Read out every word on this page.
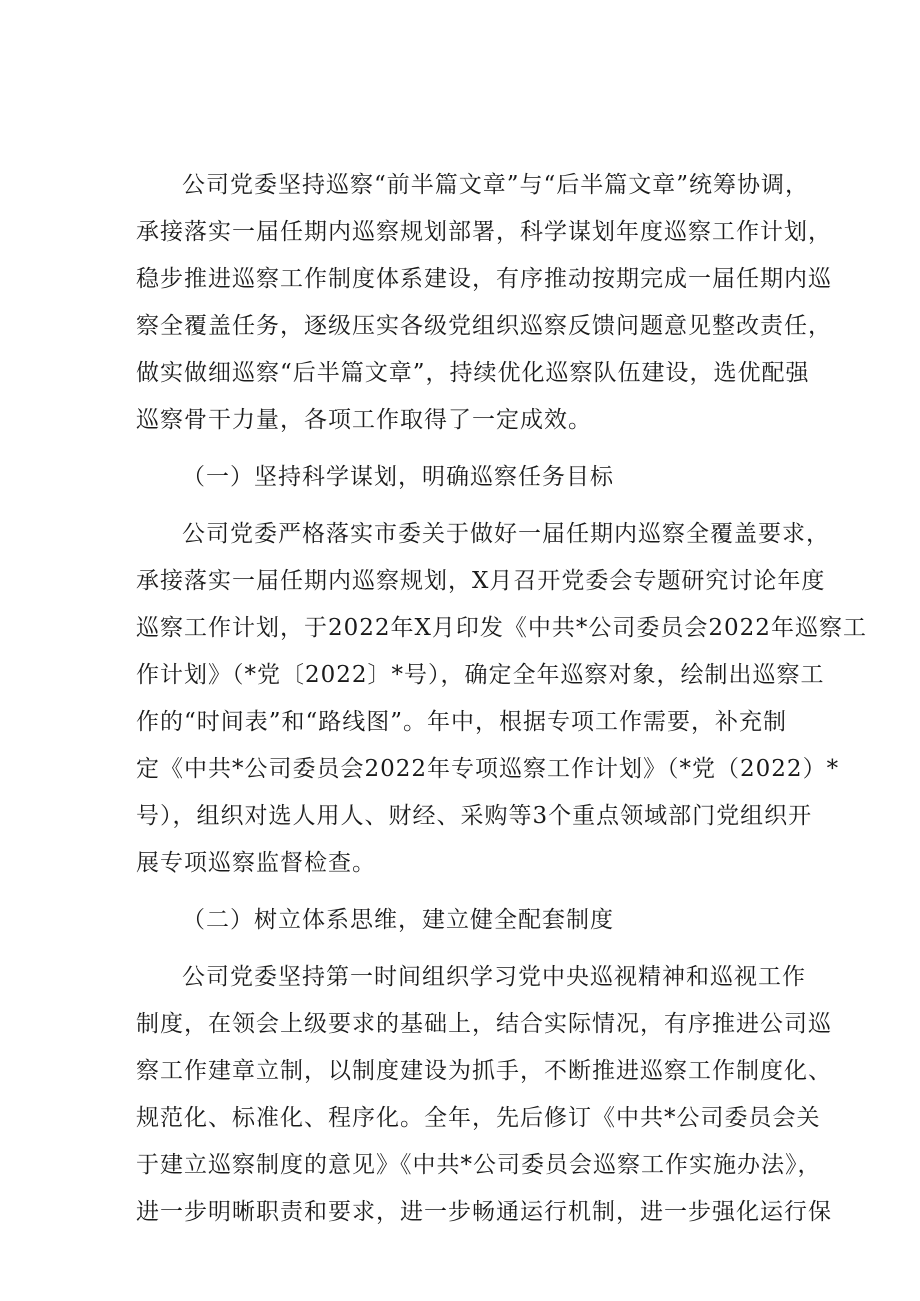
公司党委坚持巡察“前半篇文章”与“后半篇文章”统筹协调，
承接落实一届任期内巡察规划部署，科学谋划年度巡察工作计划，
稳步推进巡察工作制度体系建设，有序推动按期完成一届任期内巡
察全覆盖任务，逐级压实各级党组织巡察反馈问题意见整改责任，
做实做细巡察“后半篇文章”，持续优化巡察队伍建设，选优配强
巡察骨干力量，各项工作取得了一定成效。
（一）坚持科学谋划，明确巡察任务目标
公司党委严格落实市委关于做好一届任期内巡察全覆盖要求，
承接落实一届任期内巡察规划，X月召开党委会专题研究讨论年度
巡察工作计划，于2022年X月印发《中共*公司委员会2022年巡察工
作计划》（*党〔2022〕*号），确定全年巡察对象，绘制出巡察工
作的“时间表”和“路线图”。年中，根据专项工作需要，补充制
定《中共*公司委员会2022年专项巡察工作计划》（*党（2022）*
号），组织对选人用人、财经、采购等3个重点领域部门党组织开
展专项巡察监督检查。
（二）树立体系思维，建立健全配套制度
公司党委坚持第一时间组织学习党中央巡视精神和巡视工作
制度，在领会上级要求的基础上，结合实际情况，有序推进公司巡
察工作建章立制，以制度建设为抓手，不断推进巡察工作制度化、
规范化、标准化、程序化。全年，先后修订《中共*公司委员会关
于建立巡察制度的意见》《中共*公司委员会巡察工作实施办法》，
进一步明晰职责和要求，进一步畅通运行机制，进一步强化运行保
